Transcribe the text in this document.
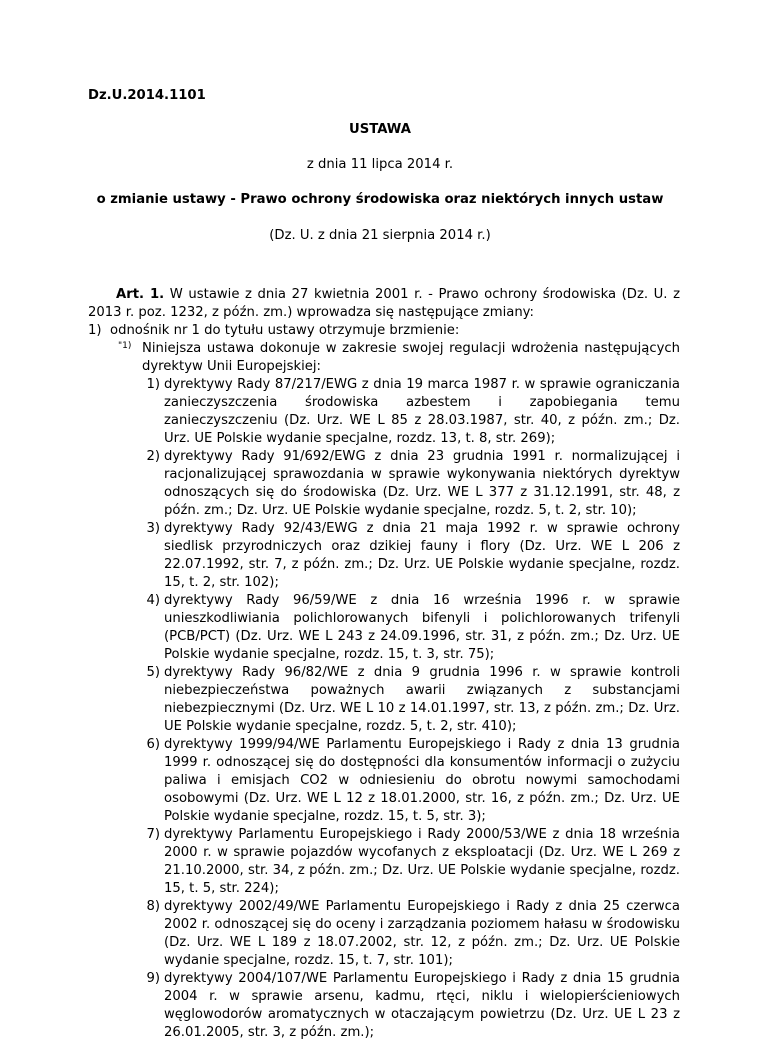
Dz.U.2014.1101
USTAWA
z dnia 11 lipca 2014 r.
o zmianie ustawy - Prawo ochrony środowiska oraz niektórych innych ustaw
(Dz. U. z dnia 21 sierpnia 2014 r.)

Art. 1. W ustawie z dnia 27 kwietnia 2001 r. - Prawo ochrony środowiska (Dz. U. z 2013 r. poz. 1232, z późn. zm.) wprowadza się następujące zmiany:

1) odnośnik nr 1 do tytułu ustawy otrzymuje brzmienie:

"1) Niniejsza ustawa dokonuje w zakresie swojej regulacji wdrożenia następujących dyrektyw Unii Europejskiej:

1) dyrektywy Rady 87/217/EWG z dnia 19 marca 1987 r. w sprawie ograniczania zanieczyszczenia środowiska azbestem i zapobiegania temu zanieczyszczeniu (Dz. Urz. WE L 85 z 28.03.1987, str. 40, z późn. zm.; Dz. Urz. UE Polskie wydanie specjalne, rozdz. 13, t. 8, str. 269);

2) dyrektywy Rady 91/692/EWG z dnia 23 grudnia 1991 r. normalizującej i racjonalizującej sprawozdania w sprawie wykonywania niektórych dyrektyw odnoszących się do środowiska (Dz. Urz. WE L 377 z 31.12.1991, str. 48, z późn. zm.; Dz. Urz. UE Polskie wydanie specjalne, rozdz. 5, t. 2, str. 10);

3) dyrektywy Rady 92/43/EWG z dnia 21 maja 1992 r. w sprawie ochrony siedlisk przyrodniczych oraz dzikiej fauny i flory (Dz. Urz. WE L 206 z 22.07.1992, str. 7, z późn. zm.; Dz. Urz. UE Polskie wydanie specjalne, rozdz. 15, t. 2, str. 102);

4) dyrektywy Rady 96/59/WE z dnia 16 września 1996 r. w sprawie unieszkodliwiania polichlorowanych bifenyli i polichlorowanych trifenyli (PCB/PCT) (Dz. Urz. WE L 243 z 24.09.1996, str. 31, z późn. zm.; Dz. Urz. UE Polskie wydanie specjalne, rozdz. 15, t. 3, str. 75);

5) dyrektywy Rady 96/82/WE z dnia 9 grudnia 1996 r. w sprawie kontroli niebezpieczeństwa poważnych awarii związanych z substancjami niebezpiecznymi (Dz. Urz. WE L 10 z 14.01.1997, str. 13, z późn. zm.; Dz. Urz. UE Polskie wydanie specjalne, rozdz. 5, t. 2, str. 410);

6) dyrektywy 1999/94/WE Parlamentu Europejskiego i Rady z dnia 13 grudnia 1999 r. odnoszącej się do dostępności dla konsumentów informacji o zużyciu paliwa i emisjach CO2 w odniesieniu do obrotu nowymi samochodami osobowymi (Dz. Urz. WE L 12 z 18.01.2000, str. 16, z późn. zm.; Dz. Urz. UE Polskie wydanie specjalne, rozdz. 15, t. 5, str. 3);

7) dyrektywy Parlamentu Europejskiego i Rady 2000/53/WE z dnia 18 września 2000 r. w sprawie pojazdów wycofanych z eksploatacji (Dz. Urz. WE L 269 z 21.10.2000, str. 34, z późn. zm.; Dz. Urz. UE Polskie wydanie specjalne, rozdz. 15, t. 5, str. 224);

8) dyrektywy 2002/49/WE Parlamentu Europejskiego i Rady z dnia 25 czerwca 2002 r. odnoszącej się do oceny i zarządzania poziomem hałasu w środowisku (Dz. Urz. WE L 189 z 18.07.2002, str. 12, z późn. zm.; Dz. Urz. UE Polskie wydanie specjalne, rozdz. 15, t. 7, str. 101);

9) dyrektywy 2004/107/WE Parlamentu Europejskiego i Rady z dnia 15 grudnia 2004 r. w sprawie arsenu, kadmu, rtęci, niklu i wielopierścieniowych węglowodorów aromatycznych w otaczającym powietrzu (Dz. Urz. UE L 23 z 26.01.2005, str. 3, z późn. zm.);
